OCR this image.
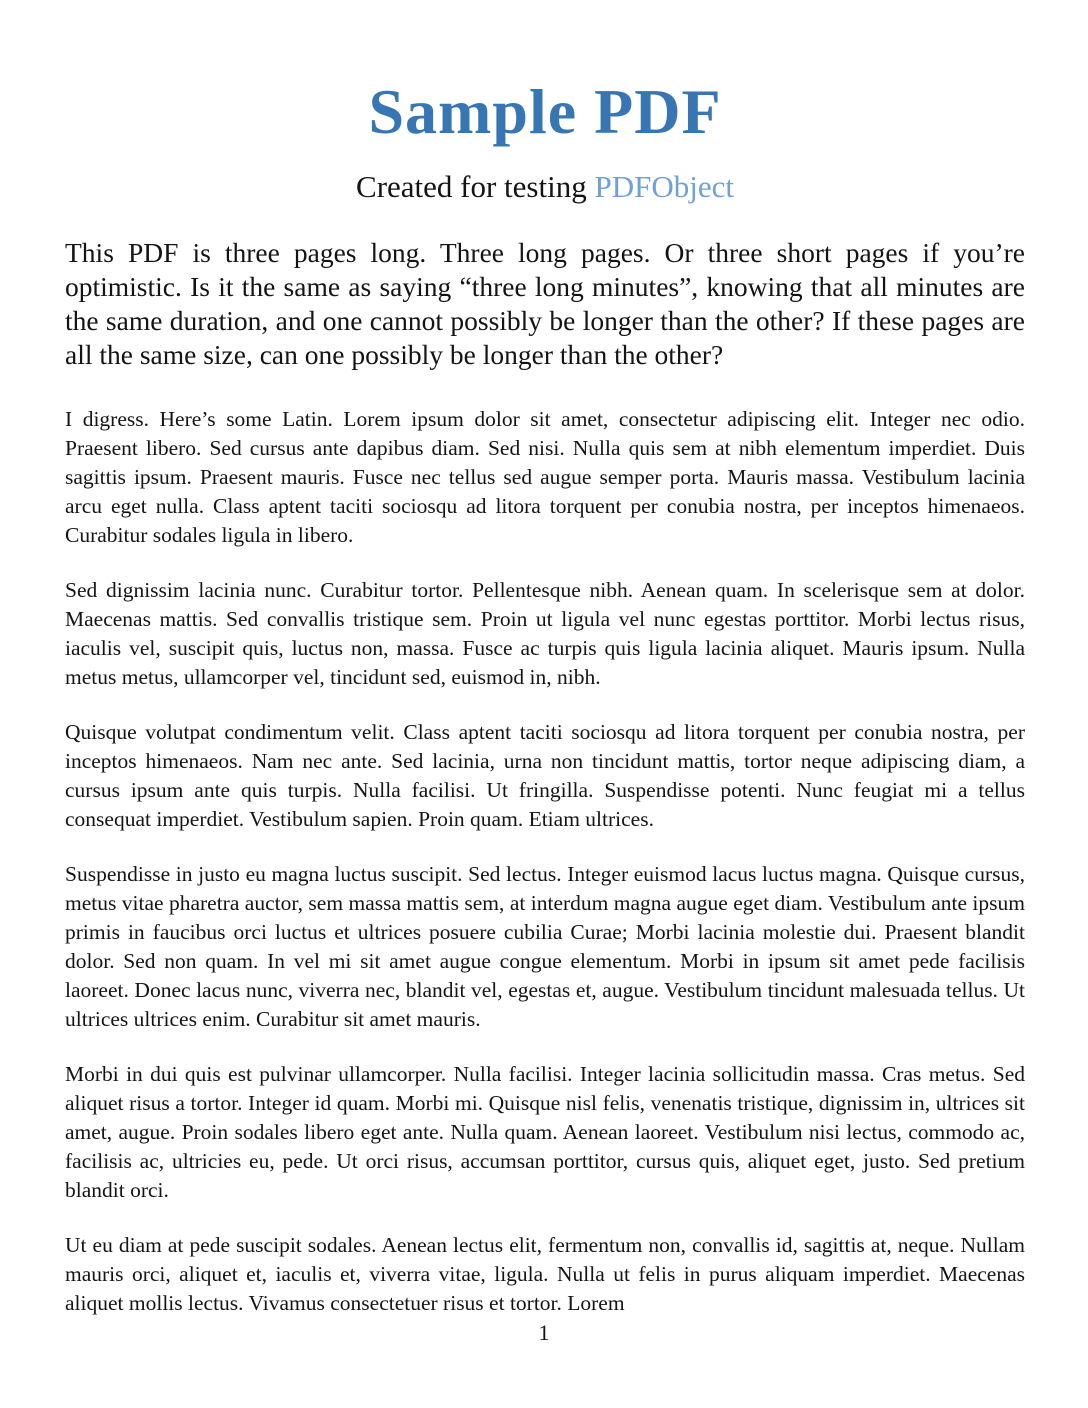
Sample PDF
Created for testing PDFObject

This PDF is three pages long. Three long pages. Or three short pages if you’re optimistic. Is it the same as saying “three long minutes”, knowing that all minutes are the same duration, and one cannot possibly be longer than the other? If these pages are all the same size, can one possibly be longer than the other?

I digress. Here’s some Latin. Lorem ipsum dolor sit amet, consectetur adipiscing elit. Integer nec odio. Praesent libero. Sed cursus ante dapibus diam. Sed nisi. Nulla quis sem at nibh elementum imperdiet. Duis sagittis ipsum. Praesent mauris. Fusce nec tellus sed augue semper porta. Mauris massa. Vestibulum lacinia arcu eget nulla. Class aptent taciti sociosqu ad litora torquent per conubia nostra, per inceptos himenaeos. Curabitur sodales ligula in libero.

Sed dignissim lacinia nunc. Curabitur tortor. Pellentesque nibh. Aenean quam. In scelerisque sem at dolor. Maecenas mattis. Sed convallis tristique sem. Proin ut ligula vel nunc egestas porttitor. Morbi lectus risus, iaculis vel, suscipit quis, luctus non, massa. Fusce ac turpis quis ligula lacinia aliquet. Mauris ipsum. Nulla metus metus, ullamcorper vel, tincidunt sed, euismod in, nibh.

Quisque volutpat condimentum velit. Class aptent taciti sociosqu ad litora torquent per conubia nostra, per inceptos himenaeos. Nam nec ante. Sed lacinia, urna non tincidunt mattis, tortor neque adipiscing diam, a cursus ipsum ante quis turpis. Nulla facilisi. Ut fringilla. Suspendisse potenti. Nunc feugiat mi a tellus consequat imperdiet. Vestibulum sapien. Proin quam. Etiam ultrices.

Suspendisse in justo eu magna luctus suscipit. Sed lectus. Integer euismod lacus luctus magna. Quisque cursus, metus vitae pharetra auctor, sem massa mattis sem, at interdum magna augue eget diam. Vestibulum ante ipsum primis in faucibus orci luctus et ultrices posuere cubilia Curae; Morbi lacinia molestie dui. Praesent blandit dolor. Sed non quam. In vel mi sit amet augue congue elementum. Morbi in ipsum sit amet pede facilisis laoreet. Donec lacus nunc, viverra nec, blandit vel, egestas et, augue. Vestibulum tincidunt malesuada tellus. Ut ultrices ultrices enim. Curabitur sit amet mauris.

Morbi in dui quis est pulvinar ullamcorper. Nulla facilisi. Integer lacinia sollicitudin massa. Cras metus. Sed aliquet risus a tortor. Integer id quam. Morbi mi. Quisque nisl felis, venenatis tristique, dignissim in, ultrices sit amet, augue. Proin sodales libero eget ante. Nulla quam. Aenean laoreet. Vestibulum nisi lectus, commodo ac, facilisis ac, ultricies eu, pede. Ut orci risus, accumsan porttitor, cursus quis, aliquet eget, justo. Sed pretium blandit orci.

Ut eu diam at pede suscipit sodales. Aenean lectus elit, fermentum non, convallis id, sagittis at, neque. Nullam mauris orci, aliquet et, iaculis et, viverra vitae, ligula. Nulla ut felis in purus aliquam imperdiet. Maecenas aliquet mollis lectus. Vivamus consectetuer risus et tortor. Lorem

1
